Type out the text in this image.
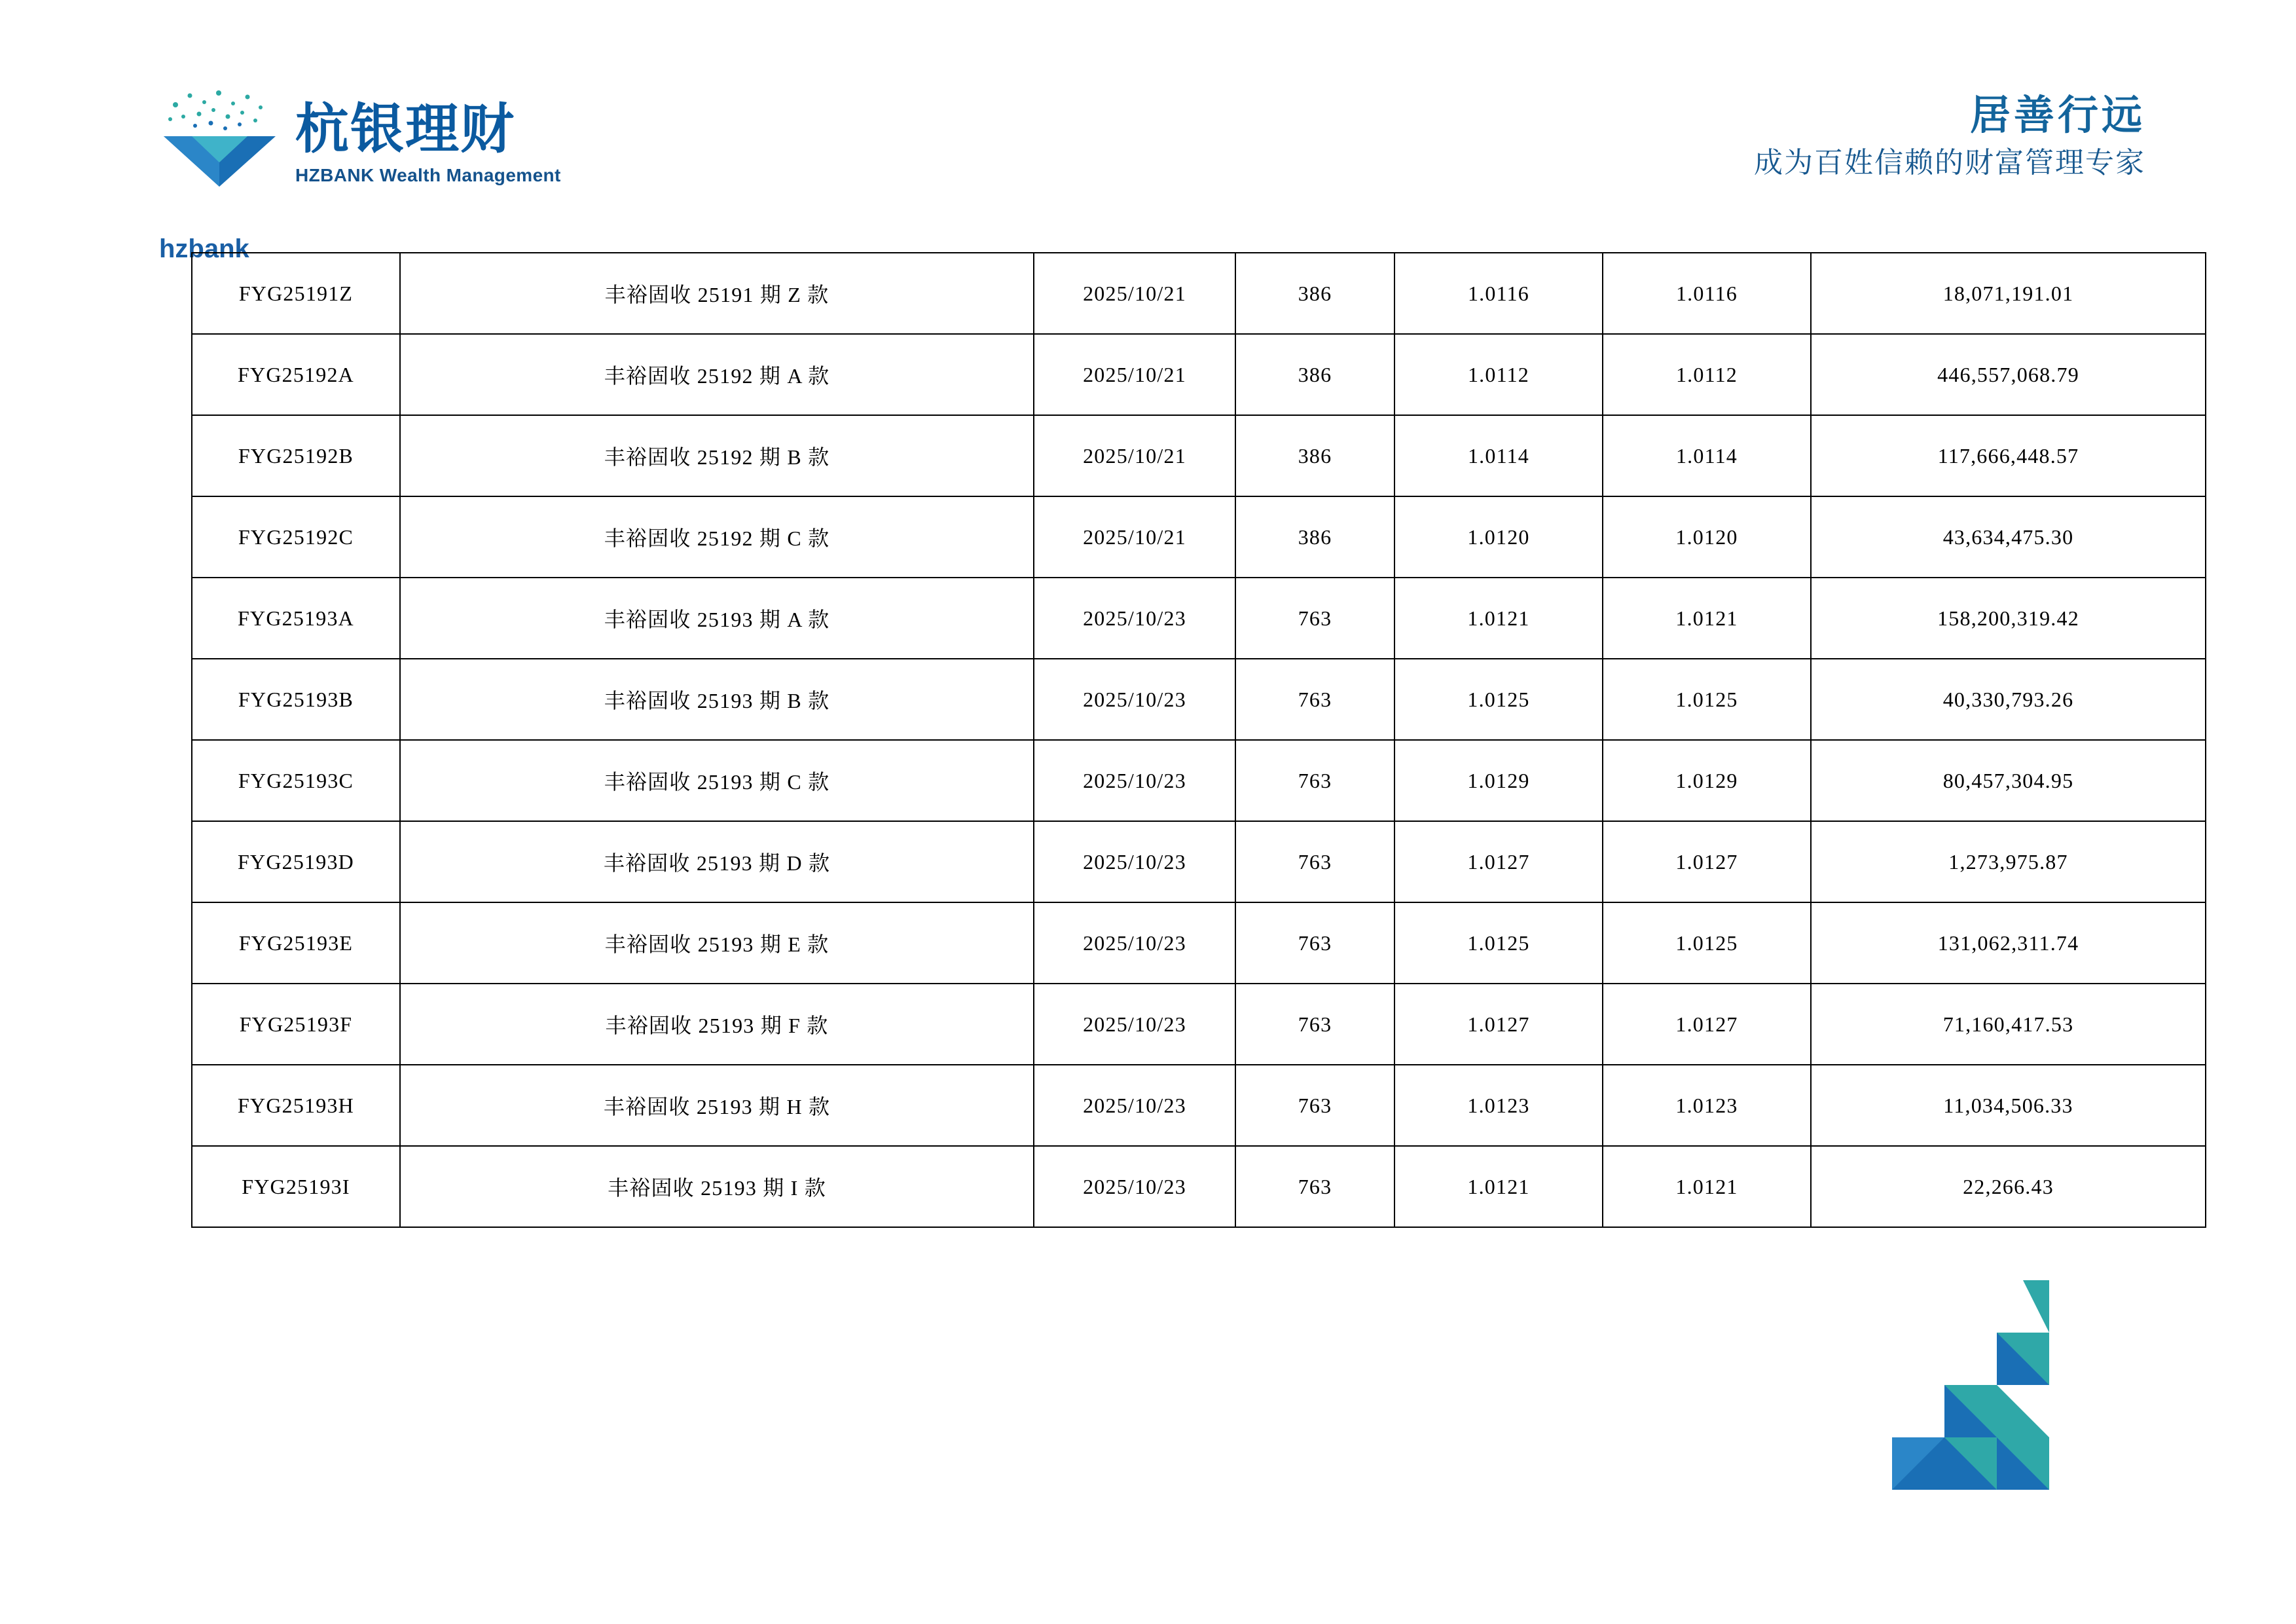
杭银理财
HZBANK Wealth Management
hzbank
居善行远
成为百姓信赖的财富管理专家
FYG25191Z	丰裕固收 25191 期 Z 款	2025/10/21	386	1.0116	1.0116	18,071,191.01
FYG25192A	丰裕固收 25192 期 A 款	2025/10/21	386	1.0112	1.0112	446,557,068.79
FYG25192B	丰裕固收 25192 期 B 款	2025/10/21	386	1.0114	1.0114	117,666,448.57
FYG25192C	丰裕固收 25192 期 C 款	2025/10/21	386	1.0120	1.0120	43,634,475.30
FYG25193A	丰裕固收 25193 期 A 款	2025/10/23	763	1.0121	1.0121	158,200,319.42
FYG25193B	丰裕固收 25193 期 B 款	2025/10/23	763	1.0125	1.0125	40,330,793.26
FYG25193C	丰裕固收 25193 期 C 款	2025/10/23	763	1.0129	1.0129	80,457,304.95
FYG25193D	丰裕固收 25193 期 D 款	2025/10/23	763	1.0127	1.0127	1,273,975.87
FYG25193E	丰裕固收 25193 期 E 款	2025/10/23	763	1.0125	1.0125	131,062,311.74
FYG25193F	丰裕固收 25193 期 F 款	2025/10/23	763	1.0127	1.0127	71,160,417.53
FYG25193H	丰裕固收 25193 期 H 款	2025/10/23	763	1.0123	1.0123	11,034,506.33
FYG25193I	丰裕固收 25193 期 I 款	2025/10/23	763	1.0121	1.0121	22,266.43
